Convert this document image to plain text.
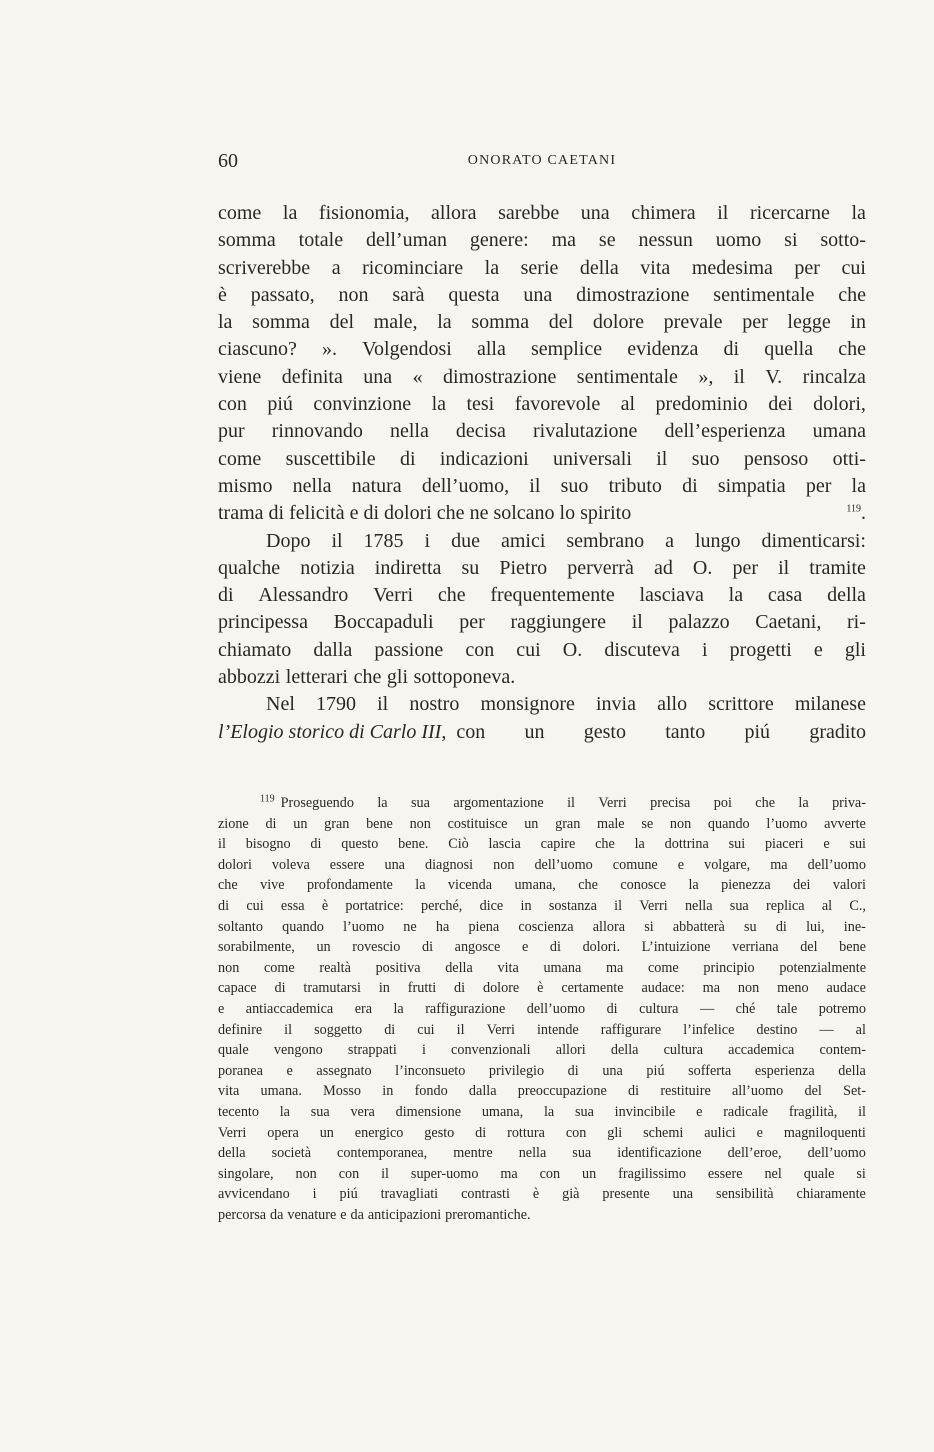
60	ONORATO CAETANI
come la fisionomia, allora sarebbe una chimera il ricercarne la
somma totale dell’uman genere: ma se nessun uomo si sotto-
scriverebbe a ricominciare la serie della vita medesima per cui
è passato, non sarà questa una dimostrazione sentimentale che
la somma del male, la somma del dolore prevale per legge in
ciascuno? ». Volgendosi alla semplice evidenza di quella che
viene definita una « dimostrazione sentimentale », il V. rincalza
con piú convinzione la tesi favorevole al predominio dei dolori,
pur rinnovando nella decisa rivalutazione dell’esperienza umana
come suscettibile di indicazioni universali il suo pensoso otti-
mismo nella natura dell’uomo, il suo tributo di simpatia per la
trama di felicità e di dolori che ne solcano lo spirito	$^{119}$.
Dopo il 1785 i due amici sembrano a lungo dimenticarsi:
qualche notizia indiretta su Pietro perverrà ad O. per il tramite
di Alessandro Verri che frequentemente lasciava la casa della
principessa Boccapaduli per raggiungere il palazzo Caetani, ri-
chiamato dalla passione con cui O. discuteva i progetti e gli
abbozzi letterari che gli sottoponeva.
Nel 1790 il nostro monsignore invia allo scrittore milanese
l’Elogio storico di Carlo III, con un gesto tanto piú gradito
$^{119}$ Proseguendo la sua argomentazione il Verri precisa poi che la priva-
zione di un gran bene non costituisce un gran male se non quando l’uomo avverte
il bisogno di questo bene. Ciò lascia capire che la dottrina sui piaceri e sui
dolori voleva essere una diagnosi non dell’uomo comune e volgare, ma dell’uomo
che vive profondamente la vicenda umana, che conosce la pienezza dei valori
di cui essa è portatrice: perché, dice in sostanza il Verri nella sua replica al C.,
soltanto quando l’uomo ne ha piena coscienza allora si abbatterà su di lui, ine-
sorabilmente, un rovescio di angosce e di dolori. L’intuizione verriana del bene
non come realtà positiva della vita umana ma come principio potenzialmente
capace di tramutarsi in frutti di dolore è certamente audace: ma non meno audace
e antiaccademica era la raffigurazione dell’uomo di cultura — ché tale potremo
definire il soggetto di cui il Verri intende raffigurare l’infelice destino — al
quale vengono strappati i convenzionali allori della cultura accademica contem-
poranea e assegnato l’inconsueto privilegio di una piú sofferta esperienza della
vita umana. Mosso in fondo dalla preoccupazione di restituire all’uomo del Set-
tecento la sua vera dimensione umana, la sua invincibile e radicale fragilità, il
Verri opera un energico gesto di rottura con gli schemi aulici e magniloquenti
della società contemporanea, mentre nella sua identificazione dell’eroe, dell’uomo
singolare, non con il super-uomo ma con un fragilissimo essere nel quale si
avvicendano i piú travagliati contrasti è già presente una sensibilità chiaramente
percorsa da venature e da anticipazioni preromantiche.
